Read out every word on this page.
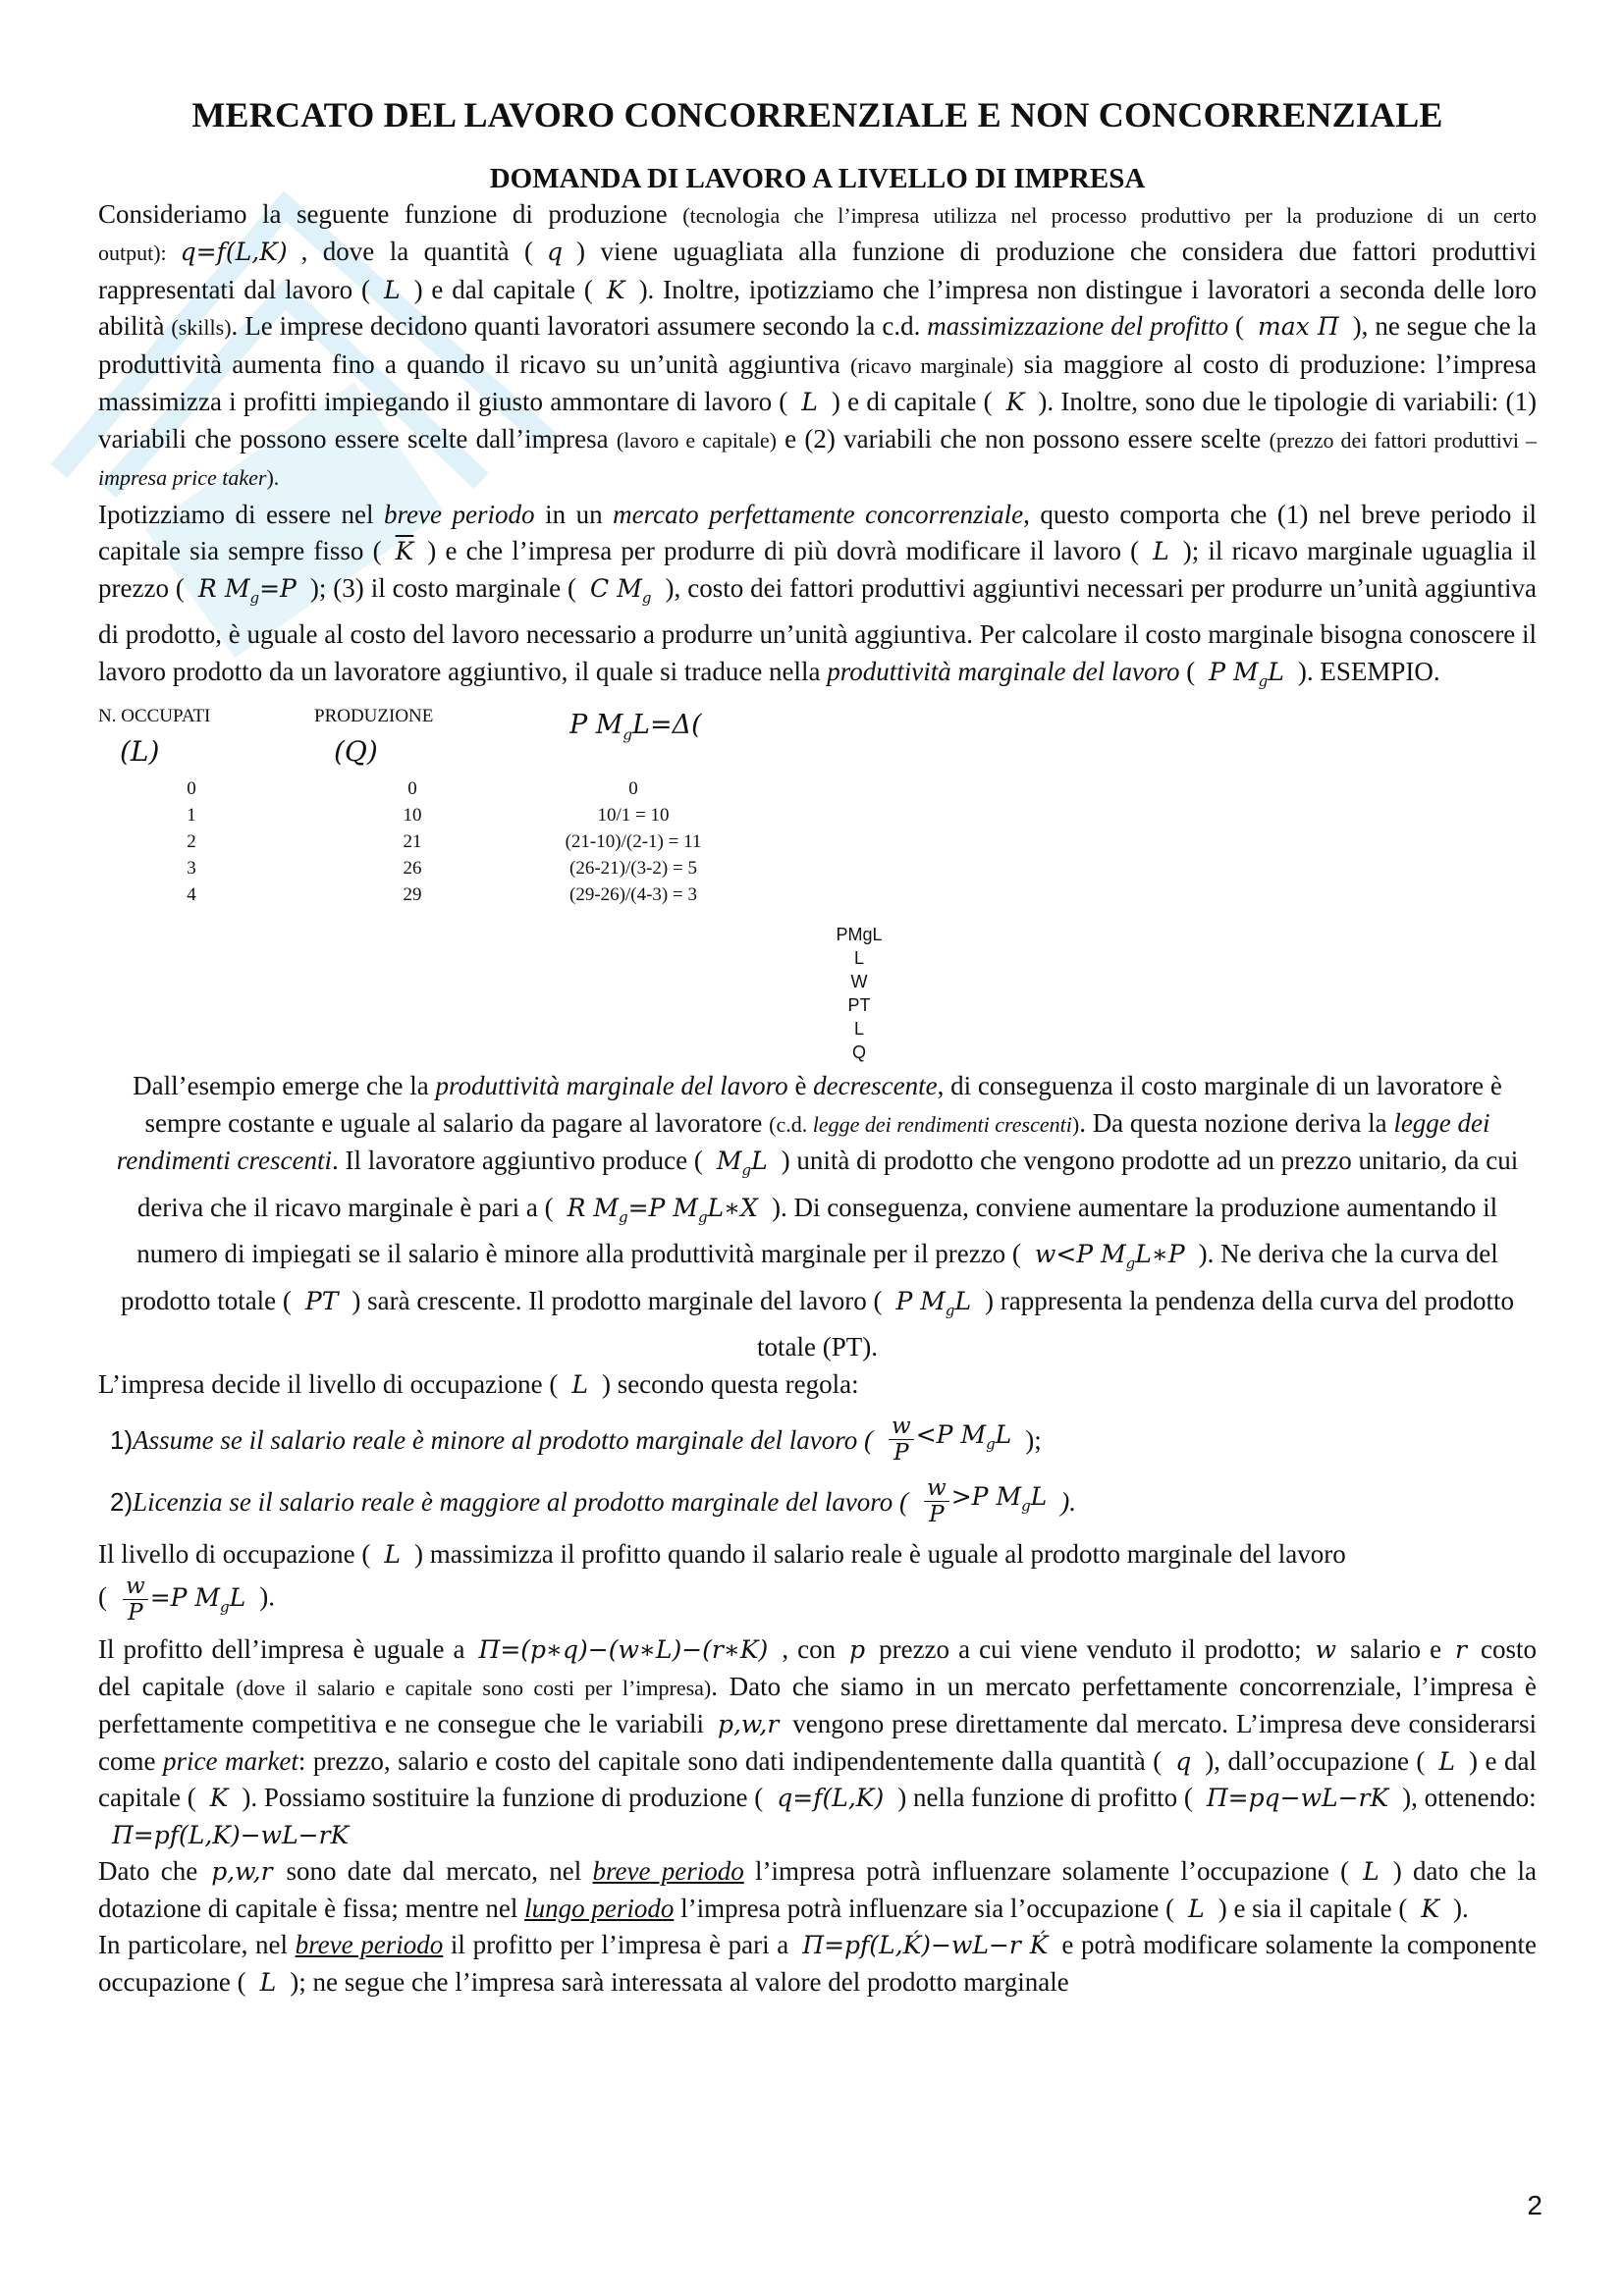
MERCATO DEL LAVORO CONCORRENZIALE E NON CONCORRENZIALE
DOMANDA DI LAVORO A LIVELLO DI IMPRESA

Consideriamo la seguente funzione di produzione (tecnologia che l’impresa utilizza nel processo produttivo per la produzione di un certo output): q=f(L,K) , dove la quantità ( q ) viene uguagliata alla funzione di produzione che considera due fattori produttivi rappresentati dal lavoro ( L ) e dal capitale ( K ). Inoltre, ipotizziamo che l’impresa non distingue i lavoratori a seconda delle loro abilità (skills). Le imprese decidono quanti lavoratori assumere secondo la c.d. massimizzazione del profitto ( max Π ), ne segue che la produttività aumenta fino a quando il ricavo su un’unità aggiuntiva (ricavo marginale) sia maggiore al costo di produzione: l’impresa massimizza i profitti impiegando il giusto ammontare di lavoro ( L ) e di capitale ( K ). Inoltre, sono due le tipologie di variabili: (1) variabili che possono essere scelte dall’impresa (lavoro e capitale) e (2) variabili che non possono essere scelte (prezzo dei fattori produttivi – impresa price taker).

Ipotizziamo di essere nel breve periodo in un mercato perfettamente concorrenziale, questo comporta che (1) nel breve periodo il capitale sia sempre fisso ( $\overline{K}$ ) e che l’impresa per produrre di più dovrà modificare il lavoro ( L ); il ricavo marginale uguaglia il prezzo ( R $M_g=P$ ); (3) il costo marginale ( C $M_g$ ), costo dei fattori produttivi aggiuntivi necessari per produrre un’unità aggiuntiva di prodotto, è uguale al costo del lavoro necessario a produrre un’unità aggiuntiva. Per calcolare il costo marginale bisogna conoscere il lavoro prodotto da un lavoratore aggiuntivo, il quale si traduce nella produttività marginale del lavoro ( P $M_gL$ ). ESEMPIO.

N. OCCUPATI	PRODUZIONE
(L)	(Q)
P $M_gL=\Delta$(
0	0	0
1	10	10/1 = 10
2	21	(21-10)/(2-1) = 11
3	26	(26-21)/(3-2) = 5
4	29	(29-26)/(4-3) = 3
PMgL
L
W
PT
L
Q

Dall’esempio emerge che la produttività marginale del lavoro è decrescente, di conseguenza il costo marginale di un lavoratore è sempre costante e uguale al salario da pagare al lavoratore (c.d. legge dei rendimenti crescenti). Da questa nozione deriva la legge dei rendimenti crescenti. Il lavoratore aggiuntivo produce ( $M_gL$ ) unità di prodotto che vengono prodotte ad un prezzo unitario, da cui deriva che il ricavo marginale è pari a ( R $M_g=P$ $M_gL∗X$ ). Di conseguenza, conviene aumentare la produzione aumentando il numero di impiegati se il salario è minore alla produttività marginale per il prezzo ( w<P $M_gL∗P$ ). Ne deriva che la curva del prodotto totale ( PT ) sarà crescente. Il prodotto marginale del lavoro ( P $M_gL$ ) rappresenta la pendenza della curva del prodotto totale (PT).

L’impresa decide il livello di occupazione ( L ) secondo questa regola:

1) Assume se il salario reale è minore al prodotto marginale del lavoro ( $\frac{w}{P} <P$ $M_gL$ );
2) Licenzia se il salario reale è maggiore al prodotto marginale del lavoro ( $\frac{w}{P} >P$ $M_gL$ ).

Il livello di occupazione ( L ) massimizza il profitto quando il salario reale è uguale al prodotto marginale del lavoro
( $\frac{w}{P} =P$ $M_gL$ ).

Il profitto dell’impresa è uguale a Π=(p∗q)−(w∗L)−(r∗K) , con p prezzo a cui viene venduto il prodotto; w salario e r costo del capitale (dove il salario e capitale sono costi per l’impresa). Dato che siamo in un mercato perfettamente concorrenziale, l’impresa è perfettamente competitiva e ne consegue che le variabili p,w,r vengono prese direttamente dal mercato. L’impresa deve considerarsi come price market: prezzo, salario e costo del capitale sono dati indipendentemente dalla quantità ( q ), dall’occupazione ( L ) e dal capitale ( K ). Possiamo sostituire la funzione di produzione ( q=f(L,K) ) nella funzione di profitto ( Π=pq−wL−rK ), ottenendo:
Π=pf(L,K)−wL−rK

Dato che p,w,r sono date dal mercato, nel breve periodo l’impresa potrà influenzare solamente l’occupazione ( L ) dato che la dotazione di capitale è fissa; mentre nel lungo periodo l’impresa potrà influenzare sia l’occupazione ( L ) e sia il capitale ( K ).

In particolare, nel breve periodo il profitto per l’impresa è pari a Π=pf(L,Ḱ)−wL−r Ḱ e potrà modificare solamente la componente occupazione ( L ); ne segue che l’impresa sarà interessata al valore del prodotto marginale

2
